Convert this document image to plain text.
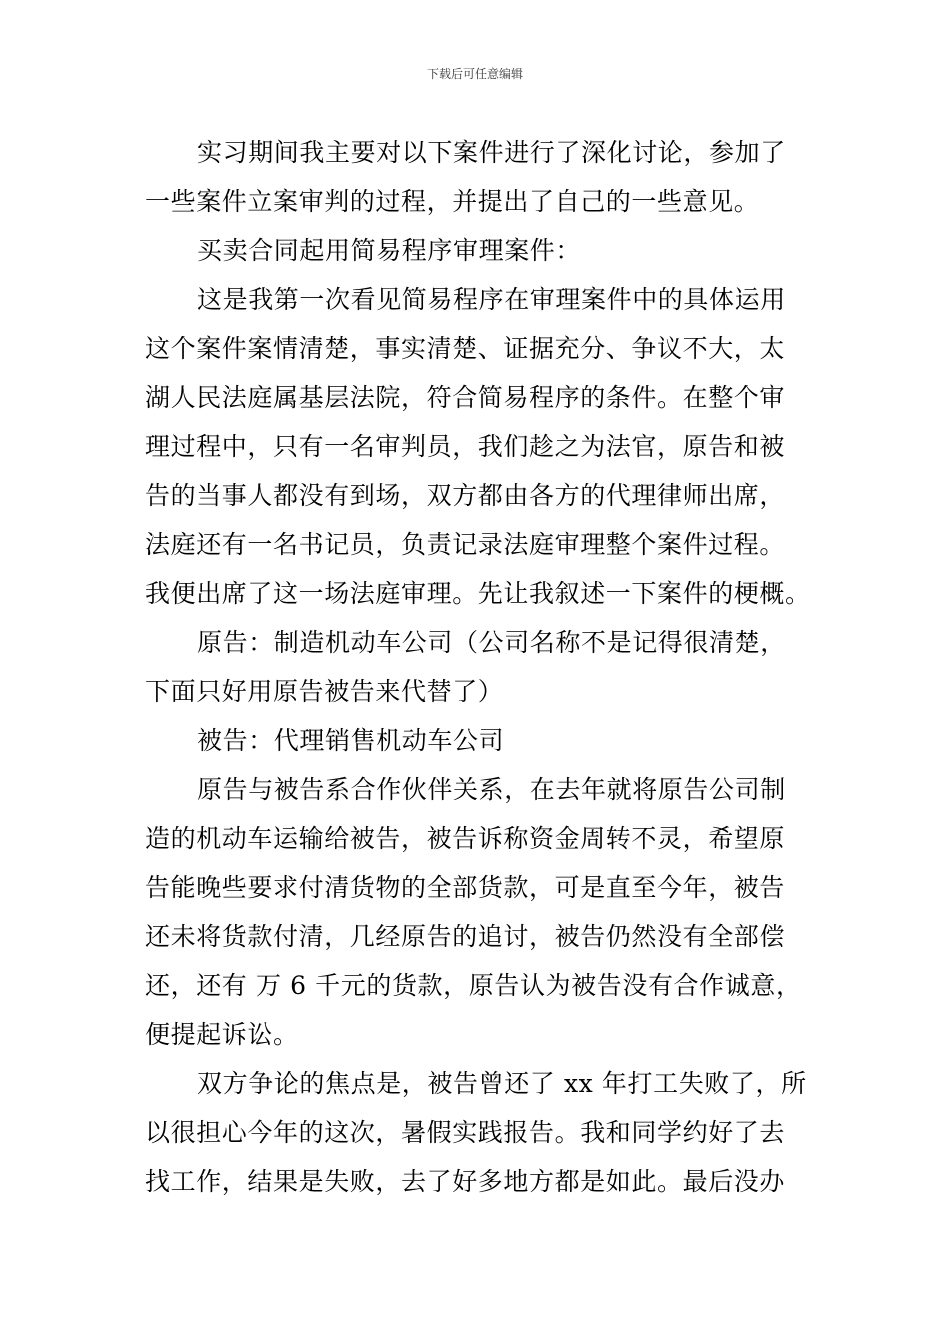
下载后可任意编辑
实习期间我主要对以下案件进行了深化讨论，参加了
一些案件立案审判的过程，并提出了自己的一些意见。
买卖合同起用简易程序审理案件：
这是我第一次看见简易程序在审理案件中的具体运用
这个案件案情清楚，事实清楚、证据充分、争议不大，太
湖人民法庭属基层法院，符合简易程序的条件。在整个审
理过程中，只有一名审判员，我们趁之为法官，原告和被
告的当事人都没有到场，双方都由各方的代理律师出席，
法庭还有一名书记员，负责记录法庭审理整个案件过程。
我便出席了这一场法庭审理。先让我叙述一下案件的梗概。
原告：制造机动车公司（公司名称不是记得很清楚，
下面只好用原告被告来代替了）
被告：代理销售机动车公司
原告与被告系合作伙伴关系，在去年就将原告公司制
造的机动车运输给被告，被告诉称资金周转不灵，希望原
告能晚些要求付清货物的全部货款，可是直至今年，被告
还未将货款付清，几经原告的追讨，被告仍然没有全部偿
还，还有 万 6 千元的货款，原告认为被告没有合作诚意，
便提起诉讼。
双方争论的焦点是，被告曾还了 xx 年打工失败了，所
以很担心今年的这次，暑假实践报告。我和同学约好了去
找工作，结果是失败，去了好多地方都是如此。最后没办
